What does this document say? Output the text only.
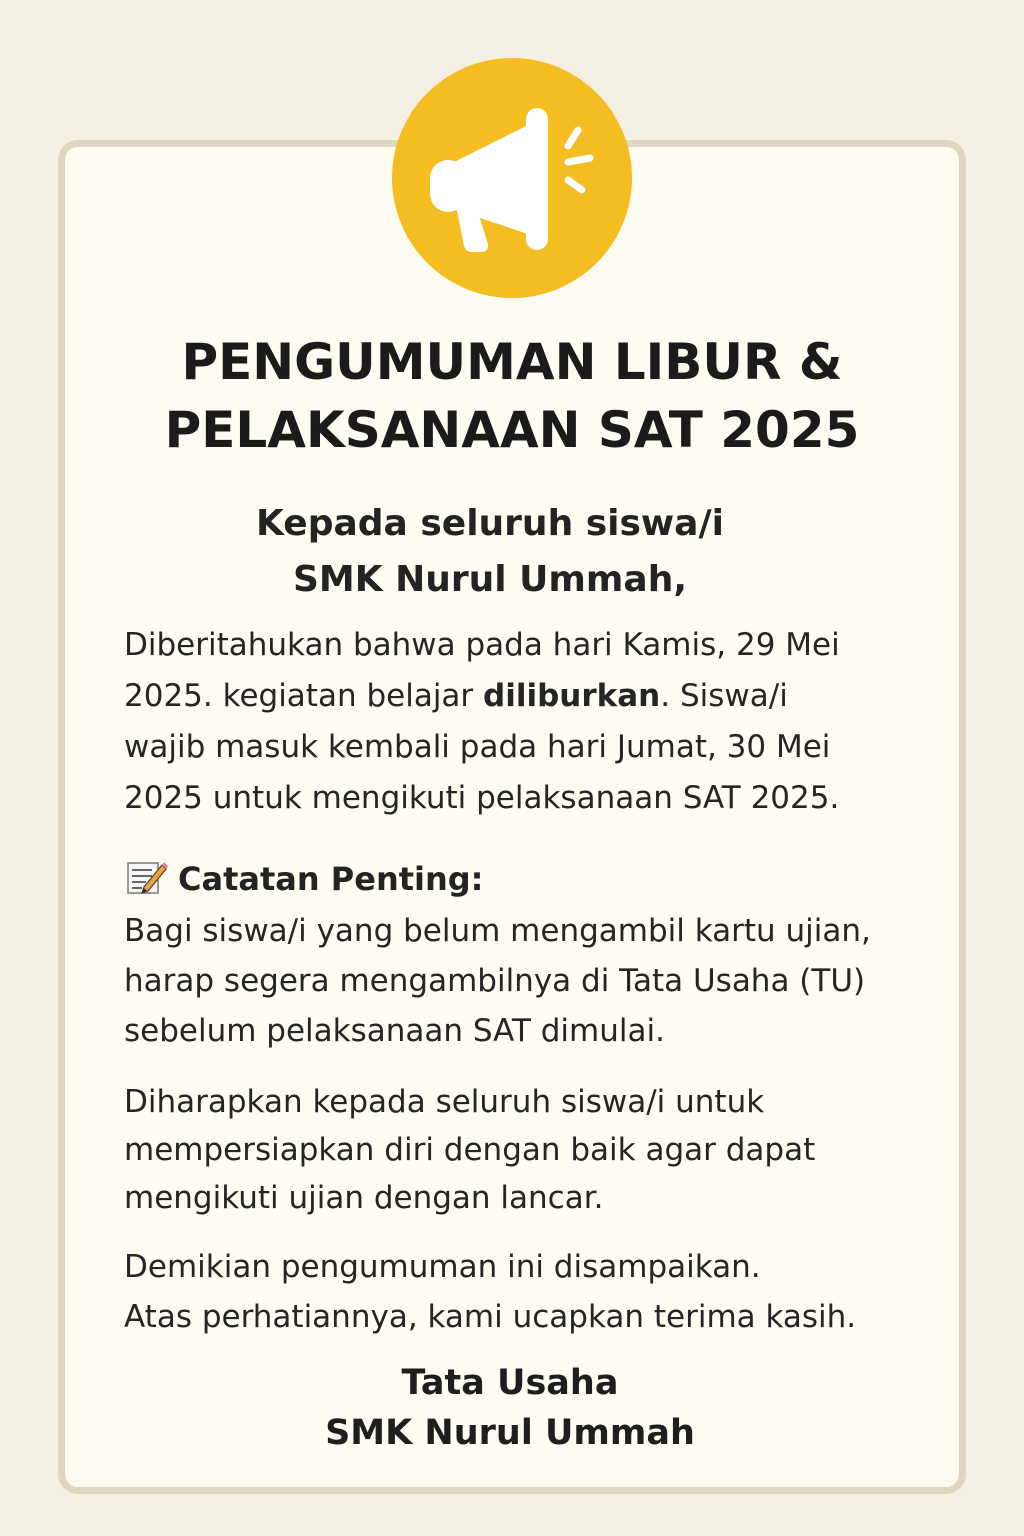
PENGUMUMAN LIBUR &
PELAKSANAAN SAT 2025
Kepada seluruh siswa/i
SMK Nurul Ummah,

Diberitahukan bahwa pada hari Kamis, 29 Mei
2025. kegiatan belajar diliburkan. Siswa/i
wajib masuk kembali pada hari Jumat, 30 Mei
2025 untuk mengikuti pelaksanaan SAT 2025.

Catatan Penting:

Bagi siswa/i yang belum mengambil kartu ujian,
harap segera mengambilnya di Tata Usaha (TU)
sebelum pelaksanaan SAT dimulai.

Diharapkan kepada seluruh siswa/i untuk
mempersiapkan diri dengan baik agar dapat
mengikuti ujian dengan lancar.

Demikian pengumuman ini disampaikan.
Atas perhatiannya, kami ucapkan terima kasih.

Tata Usaha
SMK Nurul Ummah
